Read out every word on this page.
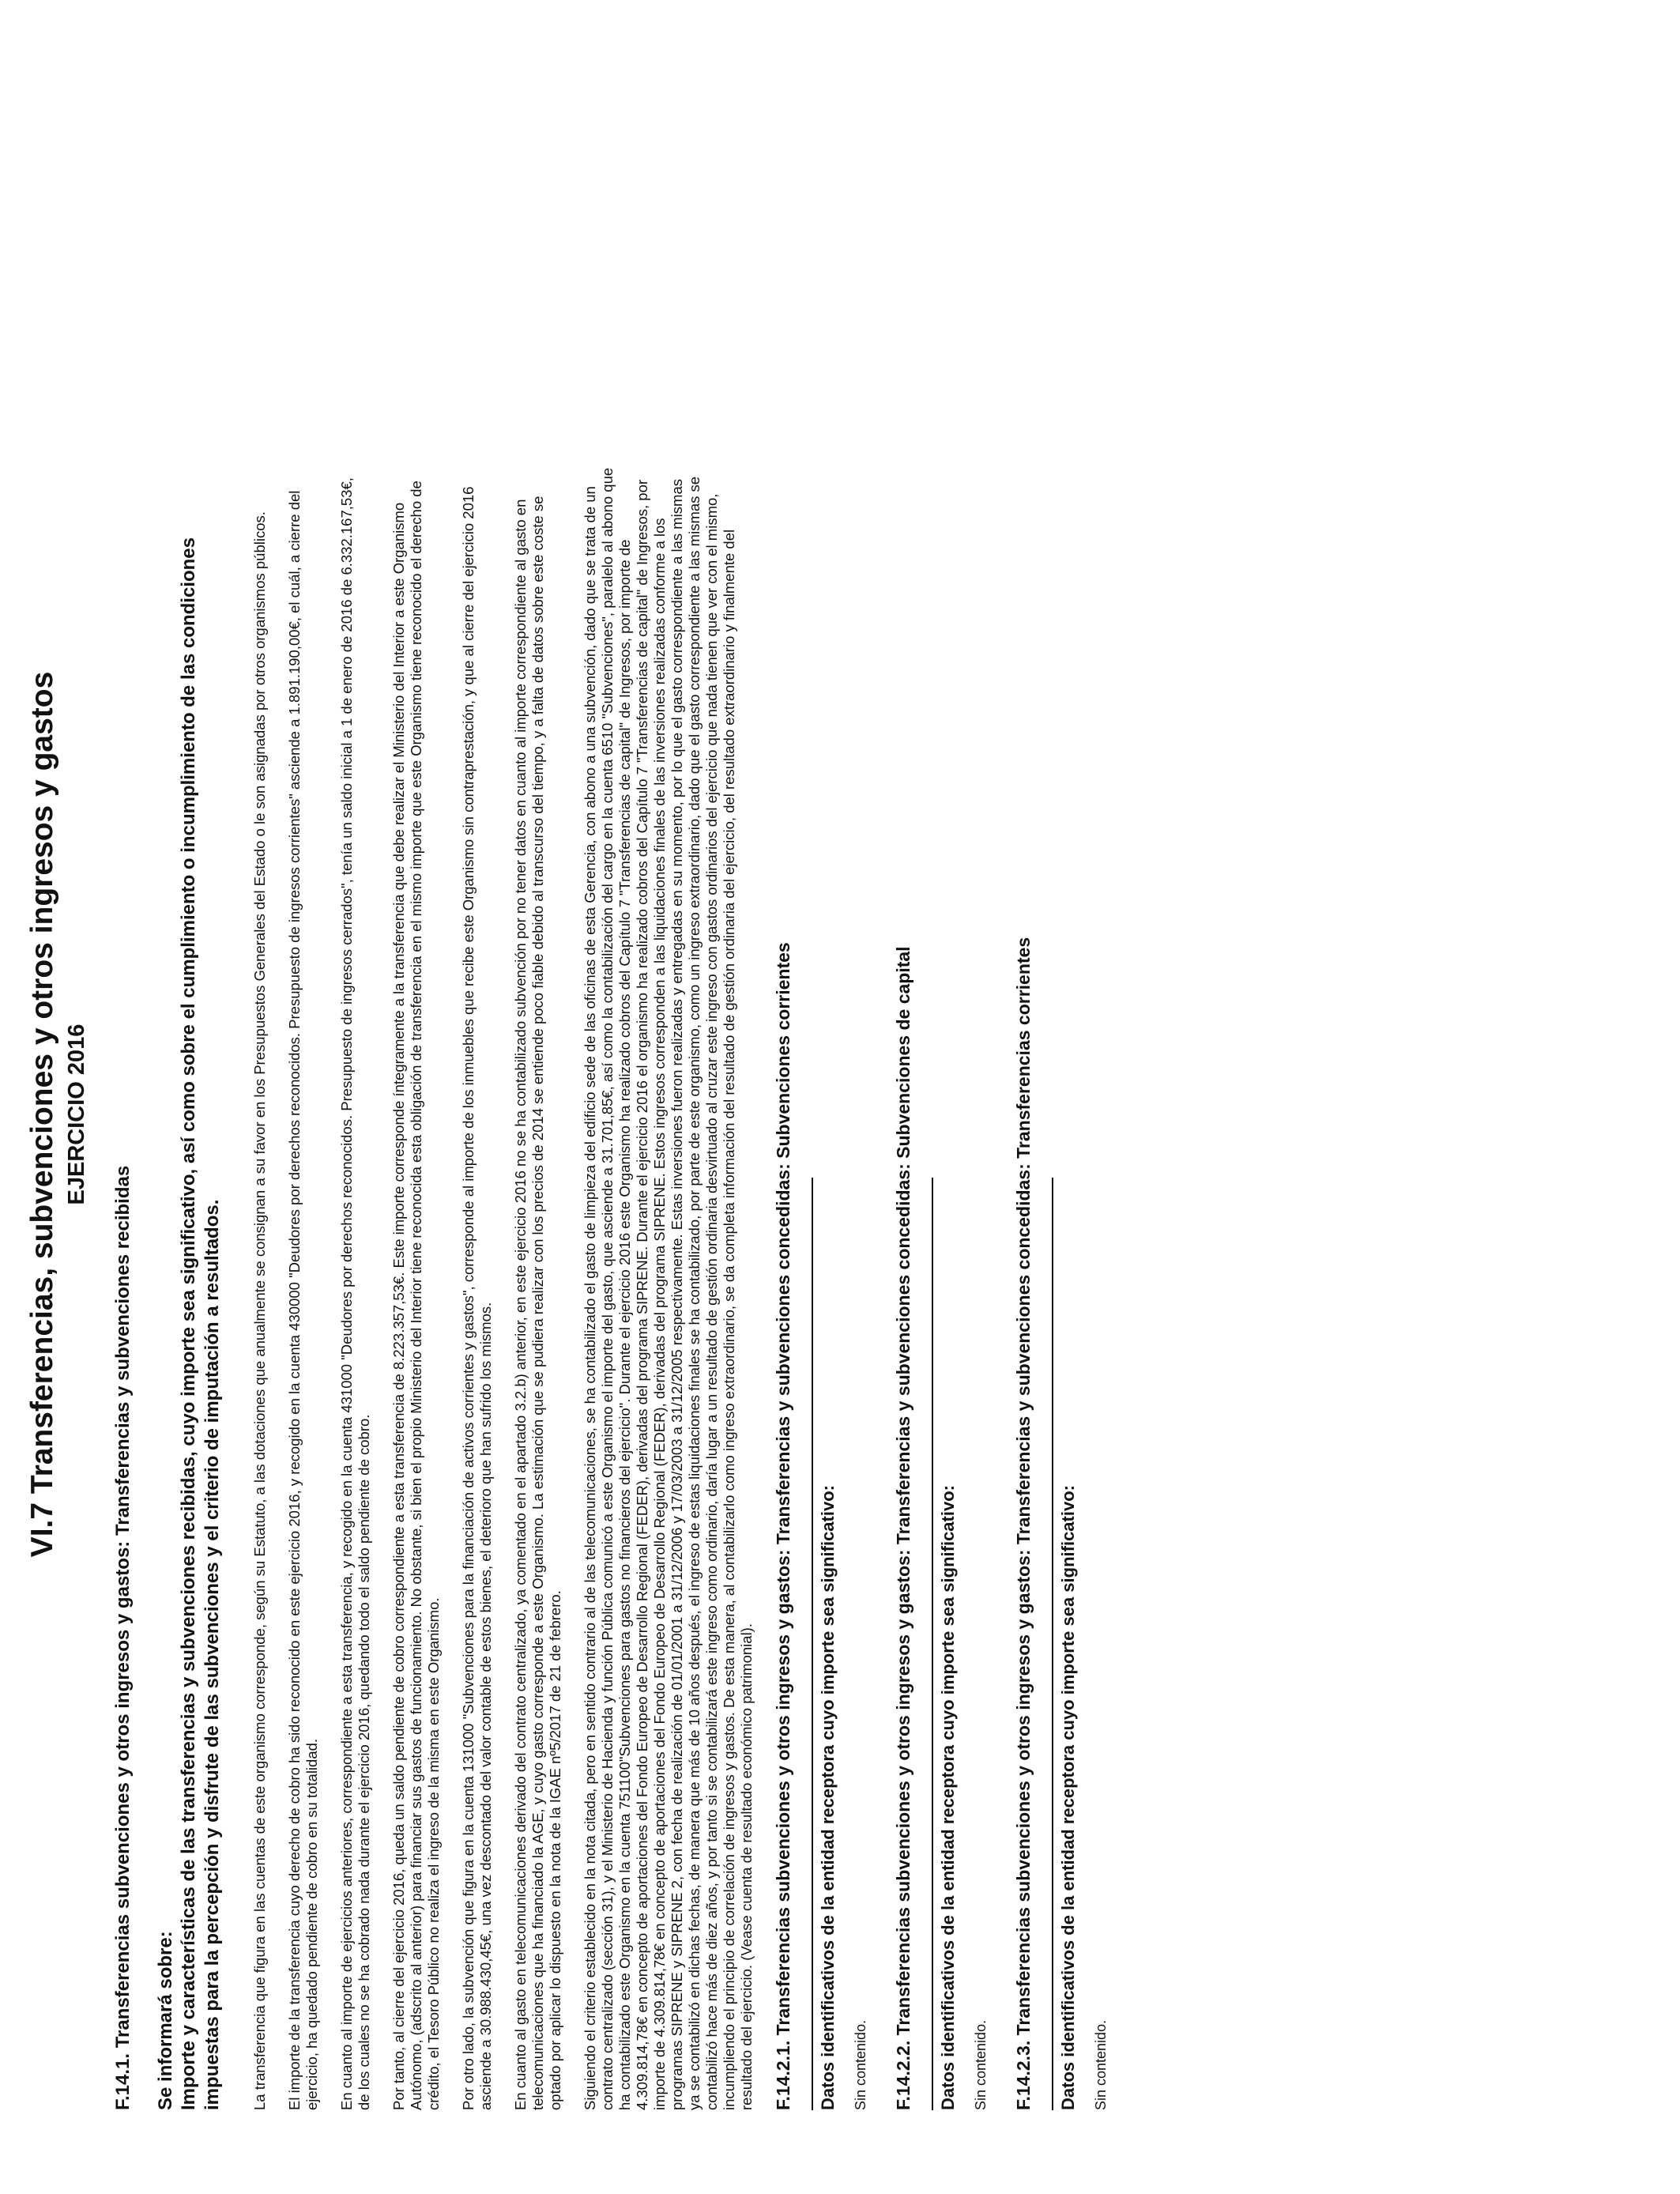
VI.7 Transferencias, subvenciones y otros ingresos y gastos EJERCICIO 2016
F.14.1. Transferencias subvenciones y otros ingresos y gastos: Transferencias y subvenciones recibidas Se informará sobre: Importe y características de las transferencias y subvenciones recibidas, cuyo importe sea significativo, así como sobre el cumplimiento o incumplimiento de las condiciones impuestas para la percepción y disfrute de las subvenciones y el criterio de imputación a resultados. La transferencia que figura en las cuentas de este organismo corresponde, según su Estatuto, a las dotaciones que anualmente se consignan a su favor en los Presupuestos Generales del Estado o le son asignadas por otros organismos públicos. El importe de la transferencia cuyo derecho de cobro ha sido reconocido en este ejercicio 2016, y recogido en la cuenta 430000 "Deudores por derechos reconocidos. Presupuesto de ingresos corrientes" asciende a 1.891.190,00€, el cuál, a cierre del ejercicio, ha quedado pendiente de cobro en su totalidad. En cuanto al importe de ejercicios anteriores, correspondiente a esta transferencia, y recogido en la cuenta 431000 "Deudores por derechos reconocidos. Presupuesto de ingresos cerrados", tenía un saldo inicial a 1 de enero de 2016 de 6.332.167,53€, de los cuales no se ha cobrado nada durante el ejercicio 2016, quedando todo el saldo pendiente de cobro. Por tanto, al cierre del ejercicio 2016, queda un saldo pendiente de cobro correspondiente a esta transferencia de 8.223.357,53€. Este importe corresponde íntegramente a la transferencia que debe realizar el Ministerio del Interior a este Organismo Autónomo, (adscrito al anterior) para financiar sus gastos de funcionamiento. No obstante, si bien el propio Ministerio del Interior tiene reconocida esta obligación de transferencia en el mismo importe que este Organismo tiene reconocido el derecho de crédito, el Tesoro Público no realiza el ingreso de la misma en este Organismo. Por otro lado, la subvención que figura en la cuenta 131000 "Subvenciones para la financiación de activos corrientes y gastos", corresponde al importe de los inmuebles que recibe este Organismo sin contraprestación, y que al cierre del ejercicio 2016 asciende a 30.988.430,45€, una vez descontado del valor contable de estos bienes, el deterioro que han sufrido los mismos. En cuanto al gasto en telecomunicaciones derivado del contrato centralizado, ya comentado en el apartado 3.2.b) anterior, en este ejercicio 2016 no se ha contabilizado subvención por no tener datos en cuanto al importe correspondiente al gasto en telecomunicaciones que ha financiado la AGE, y cuyo gasto corresponde a este Organismo. La estimación que se pudiera realizar con los precios de 2014 se entiende poco fiable debido al transcurso del tiempo, y a falta de datos sobre este coste se optado por aplicar lo dispuesto en la nota de la IGAE nº5/2017 de 21 de febrero. Siguiendo el criterio establecido en la nota citada, pero en sentido contrario al de las telecomunicaciones, se ha contabilizado el gasto de limpieza del edificio sede de las oficinas de esta Gerencia, con abono a una subvención, dado que se trata de un contrato centralizado (sección 31), y el Ministerio de Hacienda y función Pública comunicó a este Organismo el importe del gasto, que asciende a 31.701,85€, así como la contabilización del cargo en la cuenta 6510 "Subvenciones", paralelo al abono que ha contabilizado este Organismo en la cuenta 751100"Subvenciones para gastos no financieros del ejercicio". Durante el ejercicio 2016 este Organismo ha realizado cobros del Capítulo 7 "Transferencias de capital" de Ingresos, por importe de 4.309.814,78€ en concepto de aportaciones del Fondo Europeo de Desarrollo Regional (FEDER), derivadas del programa SIPRENE. Durante el ejercicio 2016 el organismo ha realizado cobros del Capítulo 7 "Transferencias de capital" de Ingresos, por importe de 4.309.814,78€ en concepto de aportaciones del Fondo Europeo de Desarrollo Regional (FEDER), derivadas del programa SIPRENE. Estos ingresos corresponden a las liquidaciones finales de las inversiones realizadas conforme a los programas SIPRENE y SIPRENE 2, con fecha de realización de 01/01/2001 a 31/12/2006 y 17/03/2003 a 31/12/2005 respectivamente. Estas inversiones fueron realizadas y entregadas en su momento, por lo que el gasto correspondiente a las mismas ya se contabilizó en dichas fechas, de manera que más de 10 años después, el ingreso de estas liquidaciones finales se ha contabilizado, por parte de este organismo, como un ingreso extraordinario, dado que el gasto correspondiente a las mismas se contabilizó hace más de diez años, y por tanto si se contabilizará este ingreso como ordinario, daría lugar a un resultado de gestión ordinaria desvirtuado al cruzar este ingreso con gastos ordinarios del ejercicio que nada tienen que ver con el mismo, incumpliendo el principio de correlación de ingresos y gastos. De esta manera, al contabilizarlo como ingreso extraordinario, se da completa información del resultado de gestión ordinaria del ejercicio, del resultado extraordinario y finalmente del resultado del ejercicio. (Vease cuenta de resultado económico patrimonial). F.14.2.1. Transferencias subvenciones y otros ingresos y gastos: Transferencias y subvenciones concedidas: Subvenciones corrientes Datos identificativos de la entidad receptora cuyo importe sea significativo: Sin contenido. F.14.2.2. Transferencias subvenciones y otros ingresos y gastos: Transferencias y subvenciones concedidas: Subvenciones de capital Datos identificativos de la entidad receptora cuyo importe sea significativo: Sin contenido. F.14.2.3. Transferencias subvenciones y otros ingresos y gastos: Transferencias y subvenciones concedidas: Transferencias corrientes Datos identificativos de la entidad receptora cuyo importe sea significativo: Sin contenido.
